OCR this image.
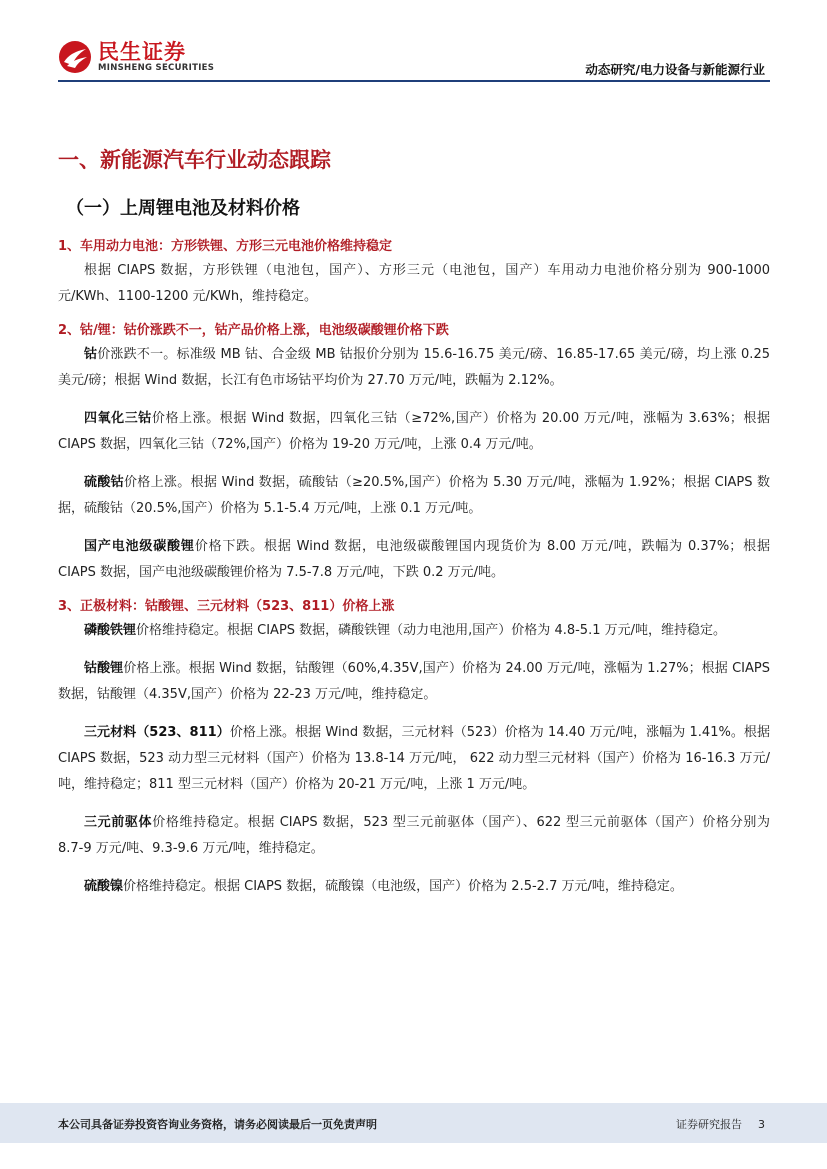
民生证券
MINSHENG SECURITIES	动态研究/电力设备与新能源行业
一、新能源汽车行业动态跟踪
（一）上周锂电池及材料价格
1、车用动力电池：方形铁锂、方形三元电池价格维持稳定

根据 CIAPS 数据，方形铁锂（电池包，国产）、方形三元（电池包，国产）车用动力电池价格分别为 900-1000 元/KWh、1100-1200 元/KWh，维持稳定。

2、钴/锂：钴价涨跌不一，钴产品价格上涨，电池级碳酸锂价格下跌

钴价涨跌不一。标准级 MB 钴、合金级 MB 钴报价分别为 15.6-16.75 美元/磅、16.85-17.65 美元/磅，均上涨 0.25 美元/磅；根据 Wind 数据，长江有色市场钴平均价为 27.70 万元/吨，跌幅为 2.12%。

四氧化三钴价格上涨。根据 Wind 数据，四氧化三钴（≥72%,国产）价格为 20.00 万元/吨，涨幅为 3.63%；根据 CIAPS 数据，四氧化三钴（72%,国产）价格为 19-20 万元/吨，上涨 0.4 万元/吨。

硫酸钴价格上涨。根据 Wind 数据，硫酸钴（≥20.5%,国产）价格为 5.30 万元/吨，涨幅为 1.92%；根据 CIAPS 数据，硫酸钴（20.5%,国产）价格为 5.1-5.4 万元/吨，上涨 0.1 万元/吨。

国产电池级碳酸锂价格下跌。根据 Wind 数据，电池级碳酸锂国内现货价为 8.00 万元/吨，跌幅为 0.37%；根据 CIAPS 数据，国产电池级碳酸锂价格为 7.5-7.8 万元/吨，下跌 0.2 万元/吨。

3、正极材料：钴酸锂、三元材料（523、811）价格上涨

磷酸铁锂价格维持稳定。根据 CIAPS 数据，磷酸铁锂（动力电池用,国产）价格为 4.8-5.1 万元/吨，维持稳定。

钴酸锂价格上涨。根据 Wind 数据，钴酸锂（60%,4.35V,国产）价格为 24.00 万元/吨，涨幅为 1.27%；根据 CIAPS 数据，钴酸锂（4.35V,国产）价格为 22-23 万元/吨，维持稳定。

三元材料（523、811）价格上涨。根据 Wind 数据，三元材料（523）价格为 14.40 万元/吨，涨幅为 1.41%。根据 CIAPS 数据，523 动力型三元材料（国产）价格为 13.8-14 万元/吨， 622 动力型三元材料（国产）价格为 16-16.3 万元/吨，维持稳定；811 型三元材料（国产）价格为 20-21 万元/吨，上涨 1 万元/吨。

三元前驱体价格维持稳定。根据 CIAPS 数据，523 型三元前驱体（国产）、622 型三元前驱体（国产）价格分别为 8.7-9 万元/吨、9.3-9.6 万元/吨，维持稳定。

硫酸镍价格维持稳定。根据 CIAPS 数据，硫酸镍（电池级，国产）价格为 2.5-2.7 万元/吨，维持稳定。

本公司具备证券投资咨询业务资格，请务必阅读最后一页免责声明	证券研究报告 3
